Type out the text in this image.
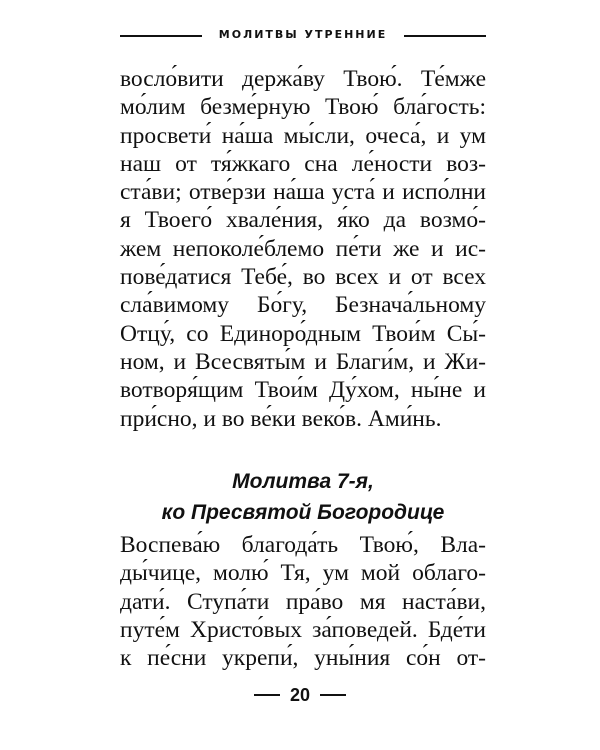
МОЛИТВЫ УТРЕННИЕ
восло́вити держа́ву Твою́. Те́мже
мо́лим безме́рную Твою́ бла́гость:
просвети́ на́ша мы́сли, очеса́, и ум
наш от тя́жкаго сна ле́ности воз-
ста́ви; отве́рзи на́ша уста́ и испо́лни
я Твоего́ хвале́ния, я́ко да возмо́-
жем непоколе́блемо пе́ти же и ис-
пове́датися Тебе́, во всех и от всех
сла́вимому Бо́гу, Безнача́льному
Отцу́, со Единоро́дным Твои́м Сы́-
ном, и Всесвяты́м и Благи́м, и Жи-
вотворя́щим Твои́м Ду́хом, ны́не и
при́сно, и во ве́ки веко́в. Ами́нь.
Молитва 7-я,
ко Пресвятой Богородице
Воспева́ю благода́ть Твою́, Вла-
ды́чице, молю́ Тя, ум мой облаго-
дати́. Ступа́ти пра́во мя наста́ви,
путе́м Христо́вых за́поведей. Бде́ти
к пе́сни укрепи́, уны́ния со́н от-
20
